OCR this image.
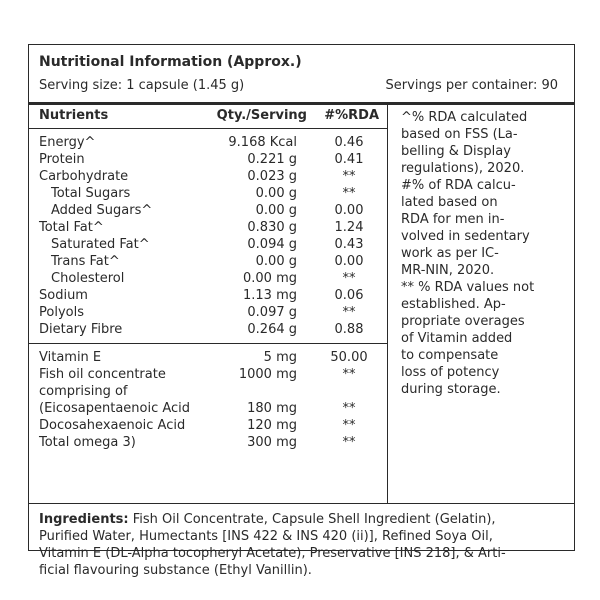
Nutritional Information (Approx.)
Serving size: 1 capsule (1.45 g)	Servings per container: 90
Nutrients	Qty./Serving #%RDA
Energy^	9.168 Kcal	0.46
Protein	0.221 g	0.41
Carbohydrate	0.023 g	**
Total Sugars	0.00 g	**
Added Sugars^	0.00 g	0.00
Total Fat^	0.830 g	1.24
Saturated Fat^	0.094 g	0.43
Trans Fat^	0.00 g	0.00
Cholesterol	0.00 mg	**
Sodium	1.13 mg	0.06
Polyols	0.097 g	**
Dietary Fibre	0.264 g	0.88
Vitamin E	5 mg	50.00
Fish oil concentrate	1000 mg	**
comprising of
(Eicosapentaenoic Acid	180 mg	**
Docosahexaenoic Acid	120 mg	**
Total omega 3)	300 mg	**
^% RDA calculated
based on FSS (La-
belling & Display
regulations), 2020.
#% of RDA calcu-
lated based on
RDA for men in-
volved in sedentary
work as per IC-
MR-NIN, 2020.
** % RDA values not
established. Ap-
propriate overages
of Vitamin added
to compensate
loss of potency
during storage.
Ingredients: Fish Oil Concentrate, Capsule Shell Ingredient (Gelatin),
Purified Water, Humectants [INS 422 & INS 420 (ii)], Refined Soya Oil,
Vitamin E (DL-Alpha tocopheryl Acetate), Preservative [INS 218], & Arti-
ficial flavouring substance (Ethyl Vanillin).
